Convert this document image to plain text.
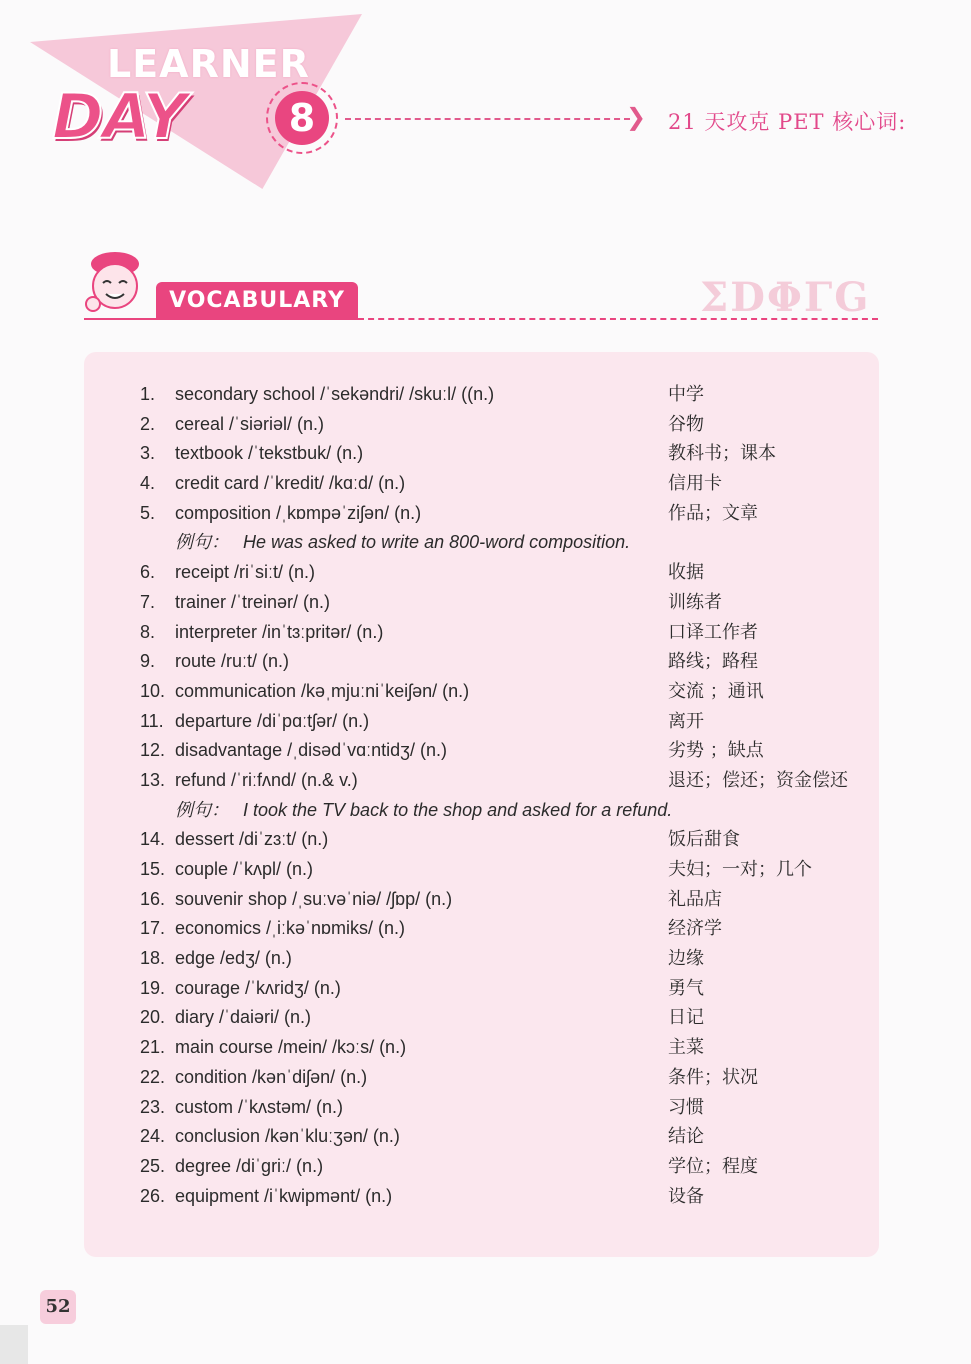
LEARNER
DAY	8	❯ 21 天攻克 PET 核心词:
VOCABULARY	ΣDΦΓG
1.	secondary school /ˈsekəndri/ /skuːl/ ((n.)	中学
2.	cereal /ˈsiəriəl/ (n.)	谷物
3.	textbook /ˈtekstbuk/ (n.)	教科书；课本
4.	credit card /ˈkredit/ /kɑːd/ (n.)	信用卡
5.	composition /ˌkɒmpəˈziʃən/ (n.)	作品；文章
例句： He was asked to write an 800-word composition.
6.	receipt /riˈsiːt/ (n.)	收据
7.	trainer /ˈtreinər/ (n.)	训练者
8.	interpreter /inˈtɜːpritər/ (n.)	口译工作者
9.	route /ruːt/ (n.)	路线；路程
10. communication /kəˌmjuːniˈkeiʃən/ (n.)	交流 ；通讯
11. departure /diˈpɑːtʃər/ (n.)	离开
12. disadvantage /ˌdisədˈvɑːntidʒ/ (n.)	劣势 ；缺点
13. refund /ˈriːfʌnd/ (n.& v.)	退还；偿还；资金偿还
例句： I took the TV back to the shop and asked for a refund.
14. dessert /diˈzɜːt/ (n.)	饭后甜食
15. couple /ˈkʌpl/ (n.)	夫妇；一对；几个
16. souvenir shop /ˌsuːvəˈniə/ /ʃɒp/ (n.)	礼品店
17. economics /ˌiːkəˈnɒmiks/ (n.)	经济学
18. edge /edʒ/ (n.)	边缘
19. courage /ˈkʌridʒ/ (n.)	勇气
20. diary /ˈdaiəri/ (n.)	日记
21. main course /mein/ /kɔːs/ (n.)	主菜
22. condition /kənˈdiʃən/ (n.)	条件；状况
23. custom /ˈkʌstəm/ (n.)	习惯
24. conclusion /kənˈkluːʒən/ (n.)	结论
25. degree /diˈgriː/ (n.)	学位；程度
26. equipment /iˈkwipmənt/ (n.)	设备
52
